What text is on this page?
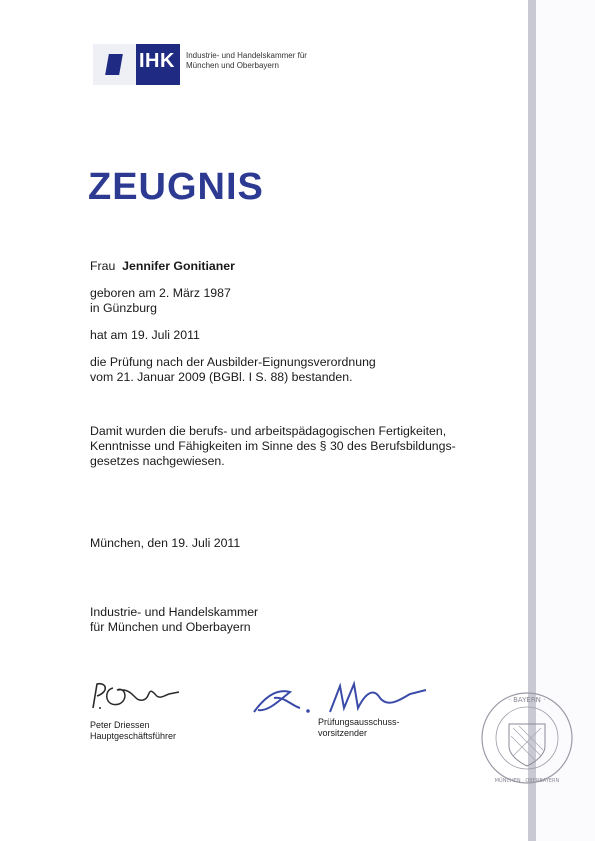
IHK Industrie- und Handelskammer für
München und Oberbayern
ZEUGNIS
Frau Jennifer Gonitianer
geboren am 2. März 1987
in Günzburg
hat am 19. Juli 2011
die Prüfung nach der Ausbilder-Eignungsverordnung
vom 21. Januar 2009 (BGBl. I S. 88) bestanden.
Damit wurden die berufs- und arbeitspädagogischen Fertigkeiten,
Kenntnisse und Fähigkeiten im Sinne des § 30 des Berufsbildungs-
gesetzes nachgewiesen.
München, den 19. Juli 2011
Industrie- und Handelskammer
für München und Oberbayern
Peter Driessen
Hauptgeschäftsführer
Prüfungsausschuss-
vorsitzender
· BAYERN ·
MÜNCHEN · OBERBAYERN
